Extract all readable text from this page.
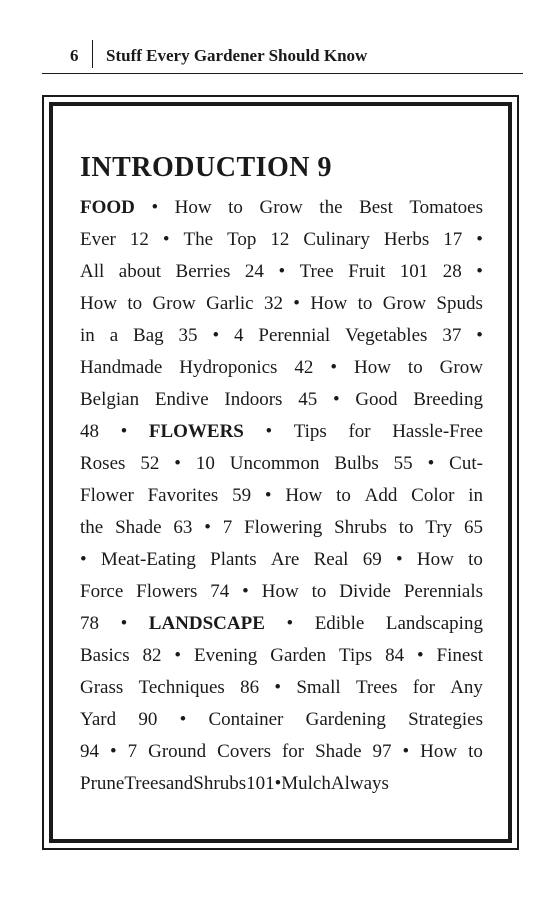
6 Stuff Every Gardener Should Know
INTRODUCTION 9
FOOD • How to Grow the Best Tomatoes
Ever 12 • The Top 12 Culinary Herbs 17 •
All about Berries 24 • Tree Fruit 101 28 •
How to Grow Garlic 32 • How to Grow Spuds
in a Bag 35 • 4 Perennial Vegetables 37 •
Handmade Hydroponics 42 • How to Grow
Belgian Endive Indoors 45 • Good Breeding
48 • FLOWERS • Tips for Hassle-Free
Roses 52 • 10 Uncommon Bulbs 55 • Cut-
Flower Favorites 59 • How to Add Color in
the Shade 63 • 7 Flowering Shrubs to Try 65
• Meat-Eating Plants Are Real 69 • How to
Force Flowers 74 • How to Divide Perennials
78 • LANDSCAPE • Edible Landscaping
Basics 82 • Evening Garden Tips 84 • Finest
Grass Techniques 86 • Small Trees for Any
Yard 90 • Container Gardening Strategies
94 • 7 Ground Covers for Shade 97 • How to
Prune Trees and Shrubs 101 • Mulch Always
